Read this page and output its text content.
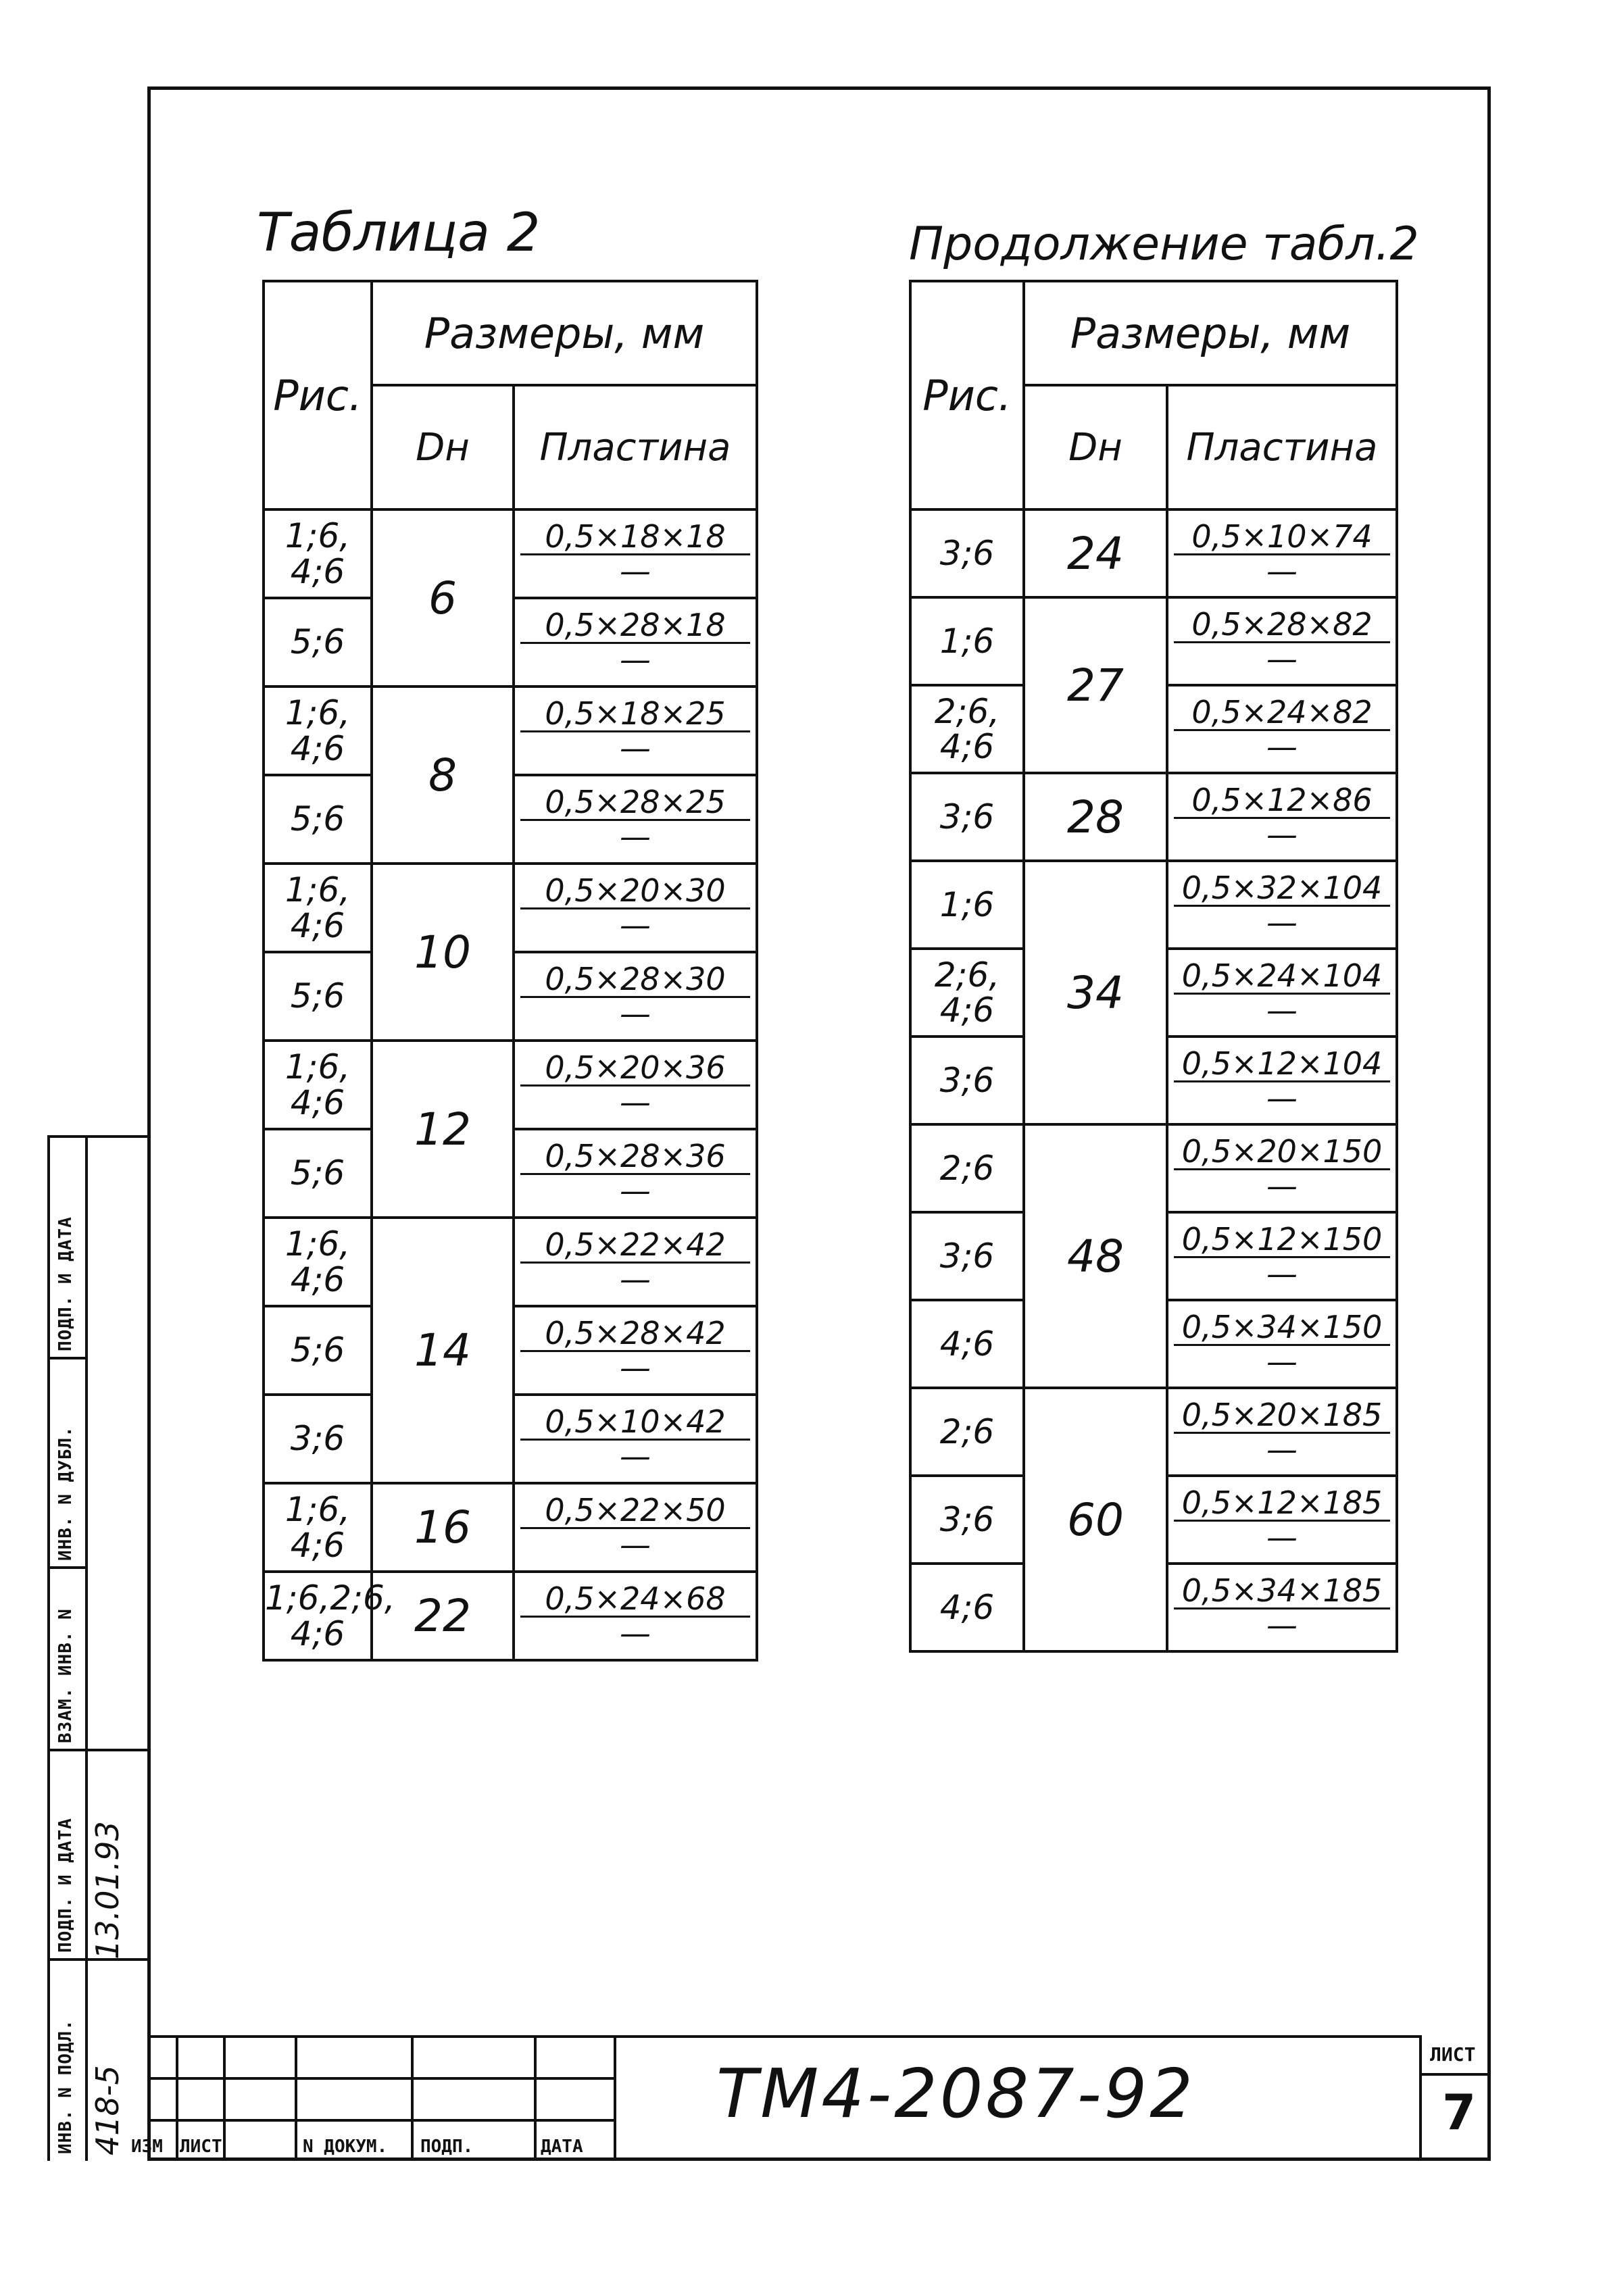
Таблица 2
Рис.	Размеры, мм	
	Dн	Пластина
1;6, 4;6	6	0,5×18×18
—

5;6		0,5×28×18
—

1;6, 4;6	8	0,5×18×25
—

5;6		0,5×28×25
—

1;6, 4;6	10	0,5×20×30
—

5;6		0,5×28×30
—

1;6, 4;6	12	0,5×20×36
—

5;6		0,5×28×36
—

1;6, 4;6	14	0,5×22×42
—

5;6		0,5×28×42
—

3;6		0,5×10×42
—

1;6, 4;6	16	0,5×22×50
—

1;6,2;6, 4;6	22	0,5×24×68
—
Продолжение табл.2
Рис.	Размеры, мм	
	Dн	Пластина
3;6	24	0,5×10×74
—

1;6	27	0,5×28×82
—

2;6, 4;6		0,5×24×82
—

3;6	28	0,5×12×86
—

1;6	34	0,5×32×104
—

2;6, 4;6		0,5×24×104
—

3;6		0,5×12×104
—

2;6	48	0,5×20×150
—

3;6		0,5×12×150
—

4;6		0,5×34×150
—

2;6	60	0,5×20×185
—

3;6		0,5×12×185
—

4;6		0,5×34×185
—
ПОДП. И ДАТА
ИНВ. N ДУБЛ.
ВЗАМ. ИНВ. N
ПОДП. И ДАТА
ИНВ. N ПОДЛ.
13.01.93
418-5 ИЗМ ЛИСТ	N ДОКУМ. ПОДП.	ДАТА
ТМ4-2087-92	ЛИСТ
7
